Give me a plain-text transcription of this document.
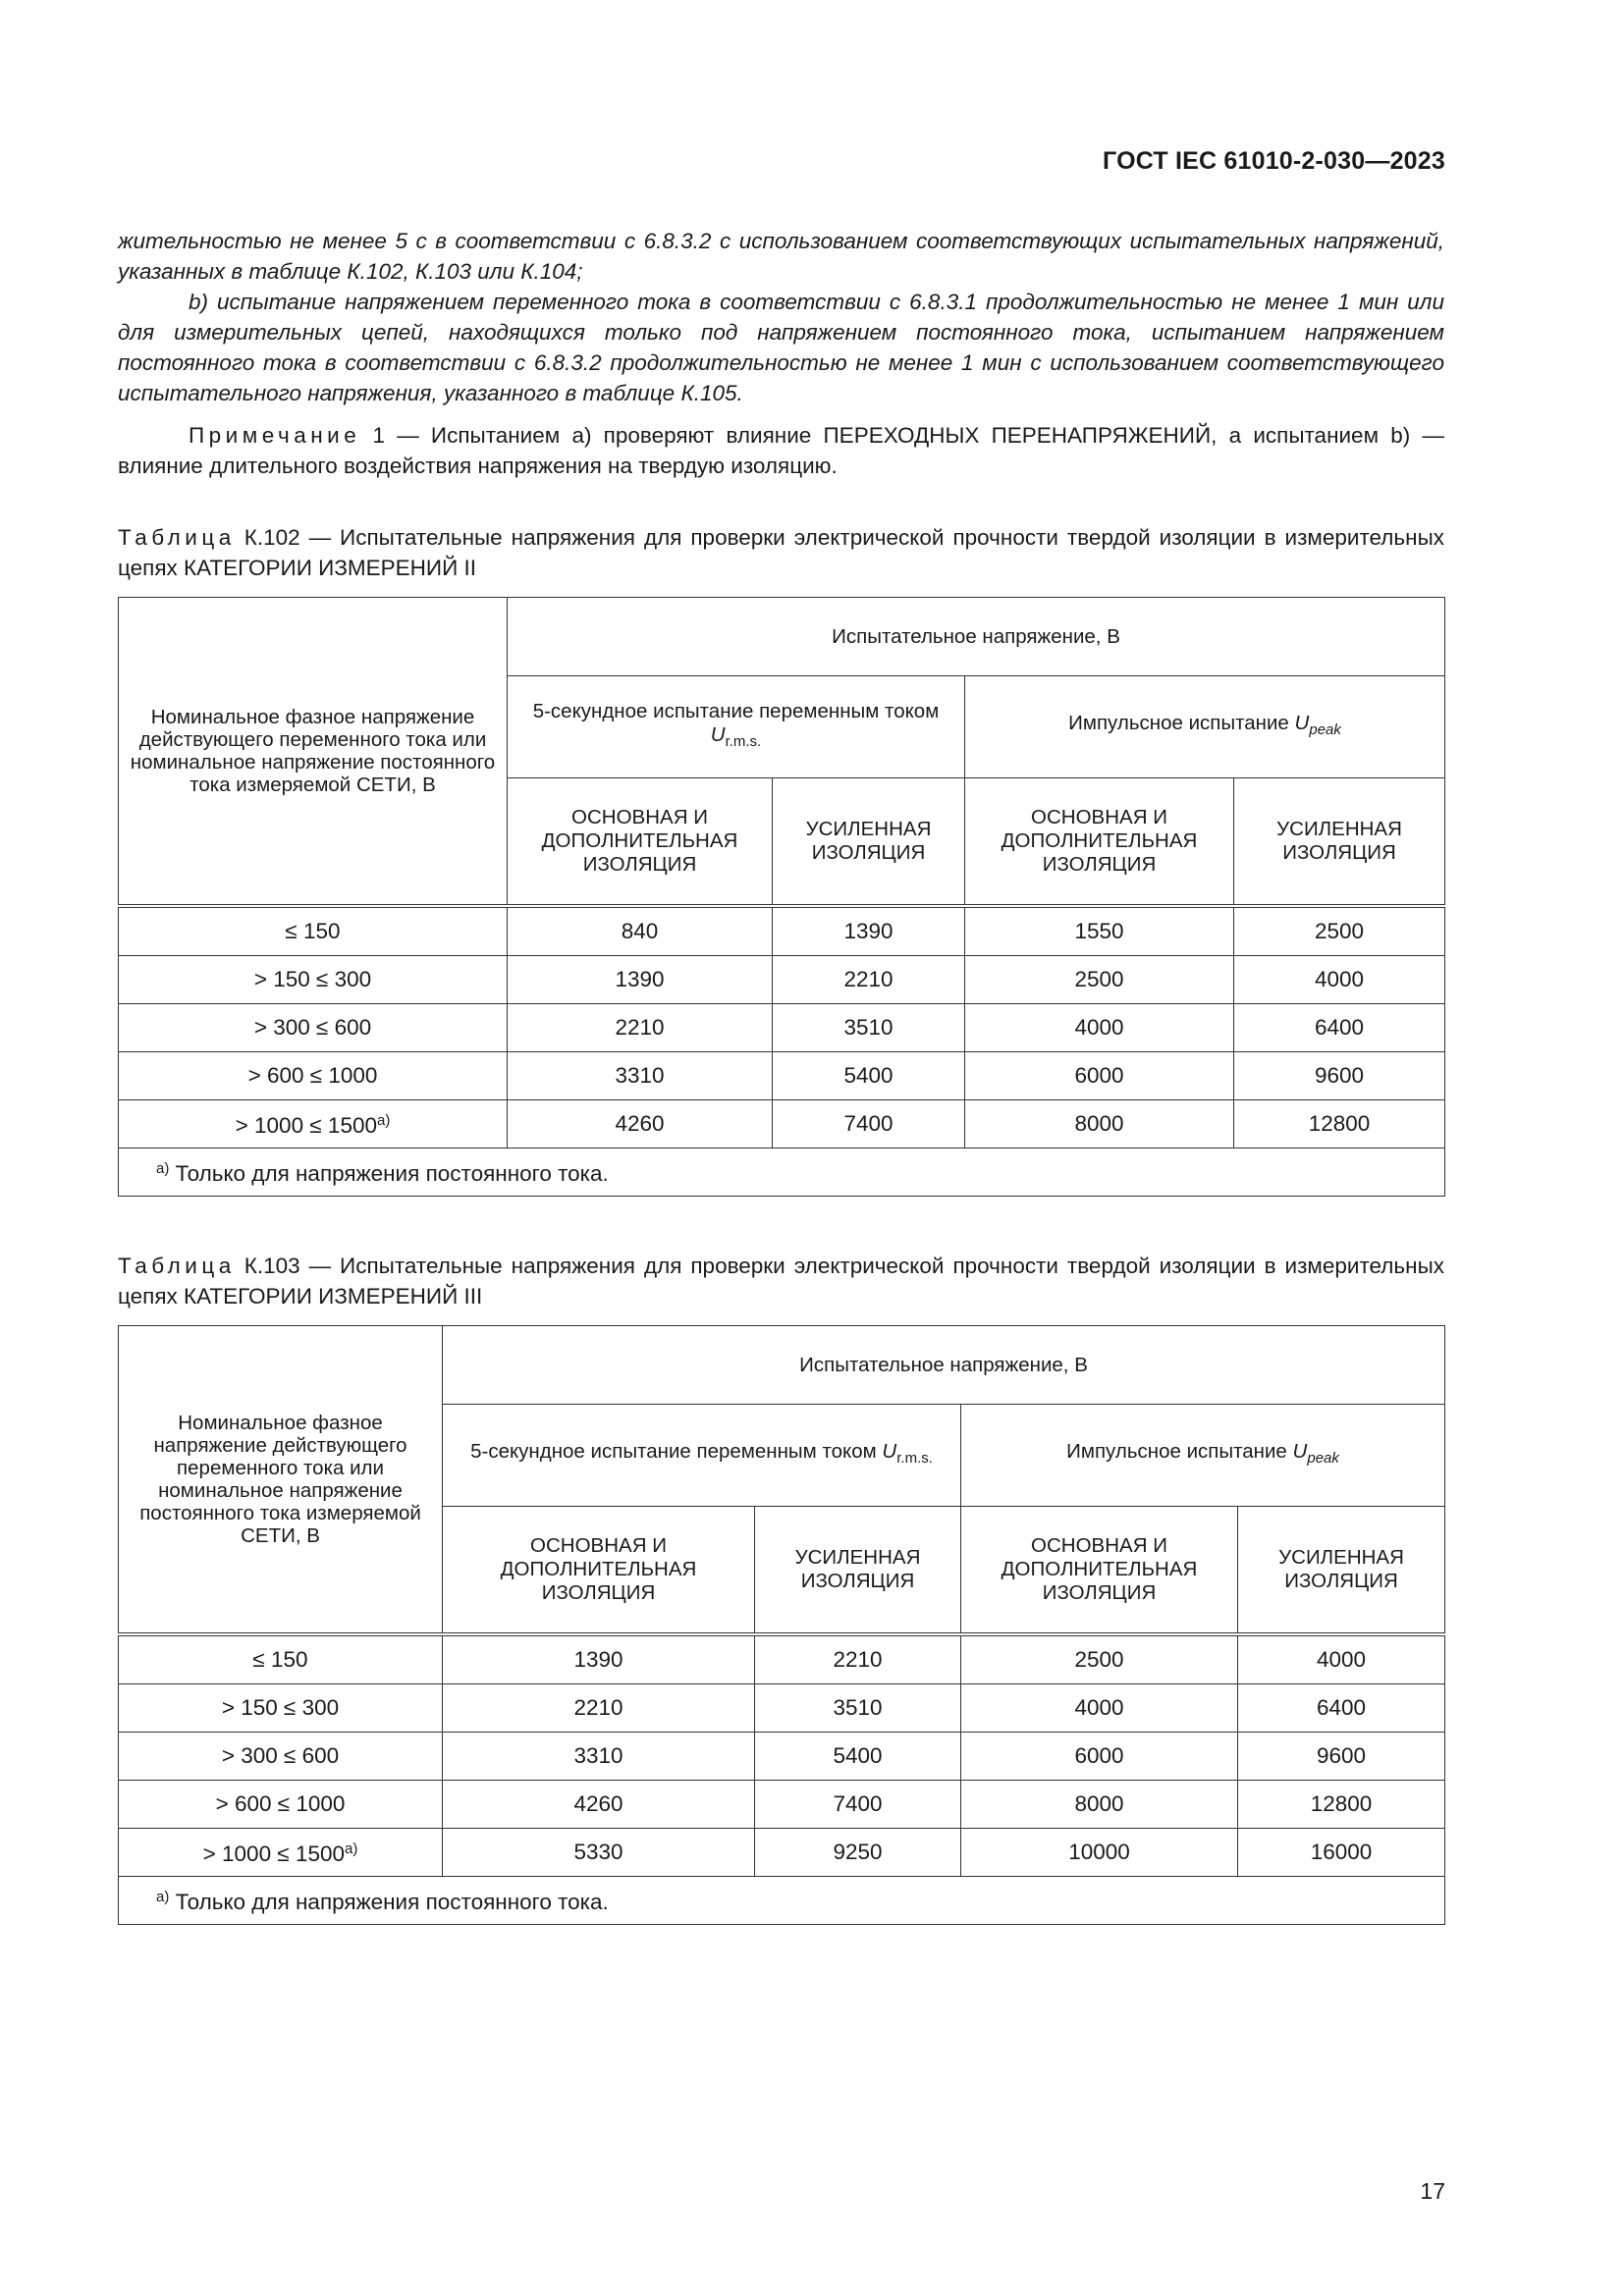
ГОСТ IEC 61010-2-030—2023

жительностью не менее 5 с в соответствии с 6.8.3.2 с использованием соответствующих испытательных напряжений, указанных в таблице К.102, К.103 или К.104;

b) испытание напряжением переменного тока в соответствии с 6.8.3.1 продолжительностью не менее 1 мин или для измерительных цепей, находящихся только под напряжением постоянного тока, испытанием напряжением постоянного тока в соответствии с 6.8.3.2 продолжительностью не менее 1 мин с использованием соответствующего испытательного напряжения, указанного в таблице К.105.

Примечание 1 — Испытанием a) проверяют влияние ПЕРЕХОДНЫХ ПЕРЕНАПРЯЖЕНИЙ, а испытанием b) — влияние длительного воздействия напряжения на твердую изоляцию.

Таблица К.102 — Испытательные напряжения для проверки электрической прочности твердой изоляции в измерительных цепях КАТЕГОРИИ ИЗМЕРЕНИЙ II
Номинальное фазное напряжение действующего переменного тока или номинальное напряжение постоянного тока измеряемой СЕТИ, В	Испытательное напряжение, В			
	5-секундное испытание переменным током $U_{r.m.s.}$		Импульсное испытание $U_{peak}$
	ОСНОВНАЯ И ДОПОЛНИТЕЛЬНАЯ ИЗОЛЯЦИЯ	УСИЛЕННАЯ ИЗОЛЯЦИЯ	ОСНОВНАЯ И ДОПОЛНИТЕЛЬНАЯ ИЗОЛЯЦИЯ	УСИЛЕННАЯ ИЗОЛЯЦИЯ
≤ 150	840	1390	1550	2500
> 150 ≤ 300	1390	2210	2500	4000
> 300 ≤ 600	2210	3510	4000	6400
> 600 ≤ 1000	3310	5400	6000	9600
> $1000 \le 1500^{a)}$	4260	7400	8000	12800
$^{a)}$ Только для напряжения постоянного тока.				
Таблица К.103 — Испытательные напряжения для проверки электрической прочности твердой изоляции в измерительных цепях КАТЕГОРИИ ИЗМЕРЕНИЙ III
Номинальное фазное напряжение действующего переменного тока или номинальное напряжение постоянного тока измеряемой СЕТИ, В	Испытательное напряжение, В			
	5-секундное испытание переменным током $U_{r.m.s.}$		Импульсное испытание $U_{peak}$
	ОСНОВНАЯ И ДОПОЛНИТЕЛЬНАЯ ИЗОЛЯЦИЯ	УСИЛЕННАЯ ИЗОЛЯЦИЯ	ОСНОВНАЯ И ДОПОЛНИТЕЛЬНАЯ ИЗОЛЯЦИЯ	УСИЛЕННАЯ ИЗОЛЯЦИЯ
≤ 150	1390	2210	2500	4000
> 150 ≤ 300	2210	3510	4000	6400
> 300 ≤ 600	3310	5400	6000	9600
> 600 ≤ 1000	4260	7400	8000	12800
> $1000 \le 1500^{a)}$	5330	9250	10000	16000
$^{a)}$ Только для напряжения постоянного тока.				
17
